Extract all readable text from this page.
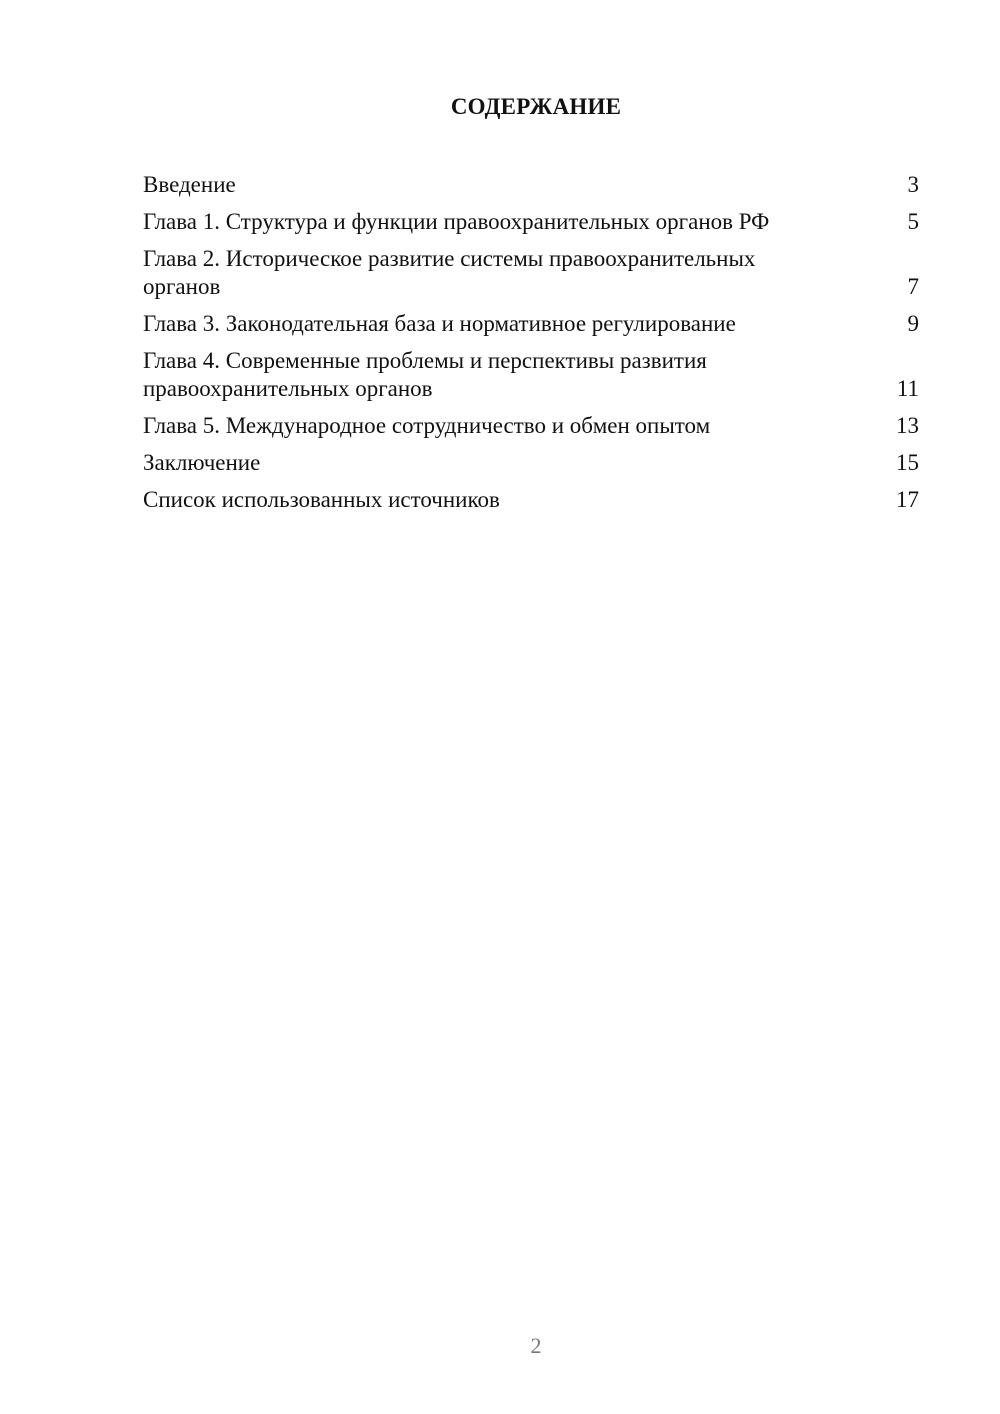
СОДЕРЖАНИЕ
Введение	3
Глава 1. Структура и функции правоохранительных органов РФ	5
Глава 2. Историческое развитие системы правоохранительных органов	7
Глава 3. Законодательная база и нормативное регулирование	9
Глава 4. Современные проблемы и перспективы развития правоохранительных органов	11
Глава 5. Международное сотрудничество и обмен опытом	13
Заключение	15
Список использованных источников	17
2
